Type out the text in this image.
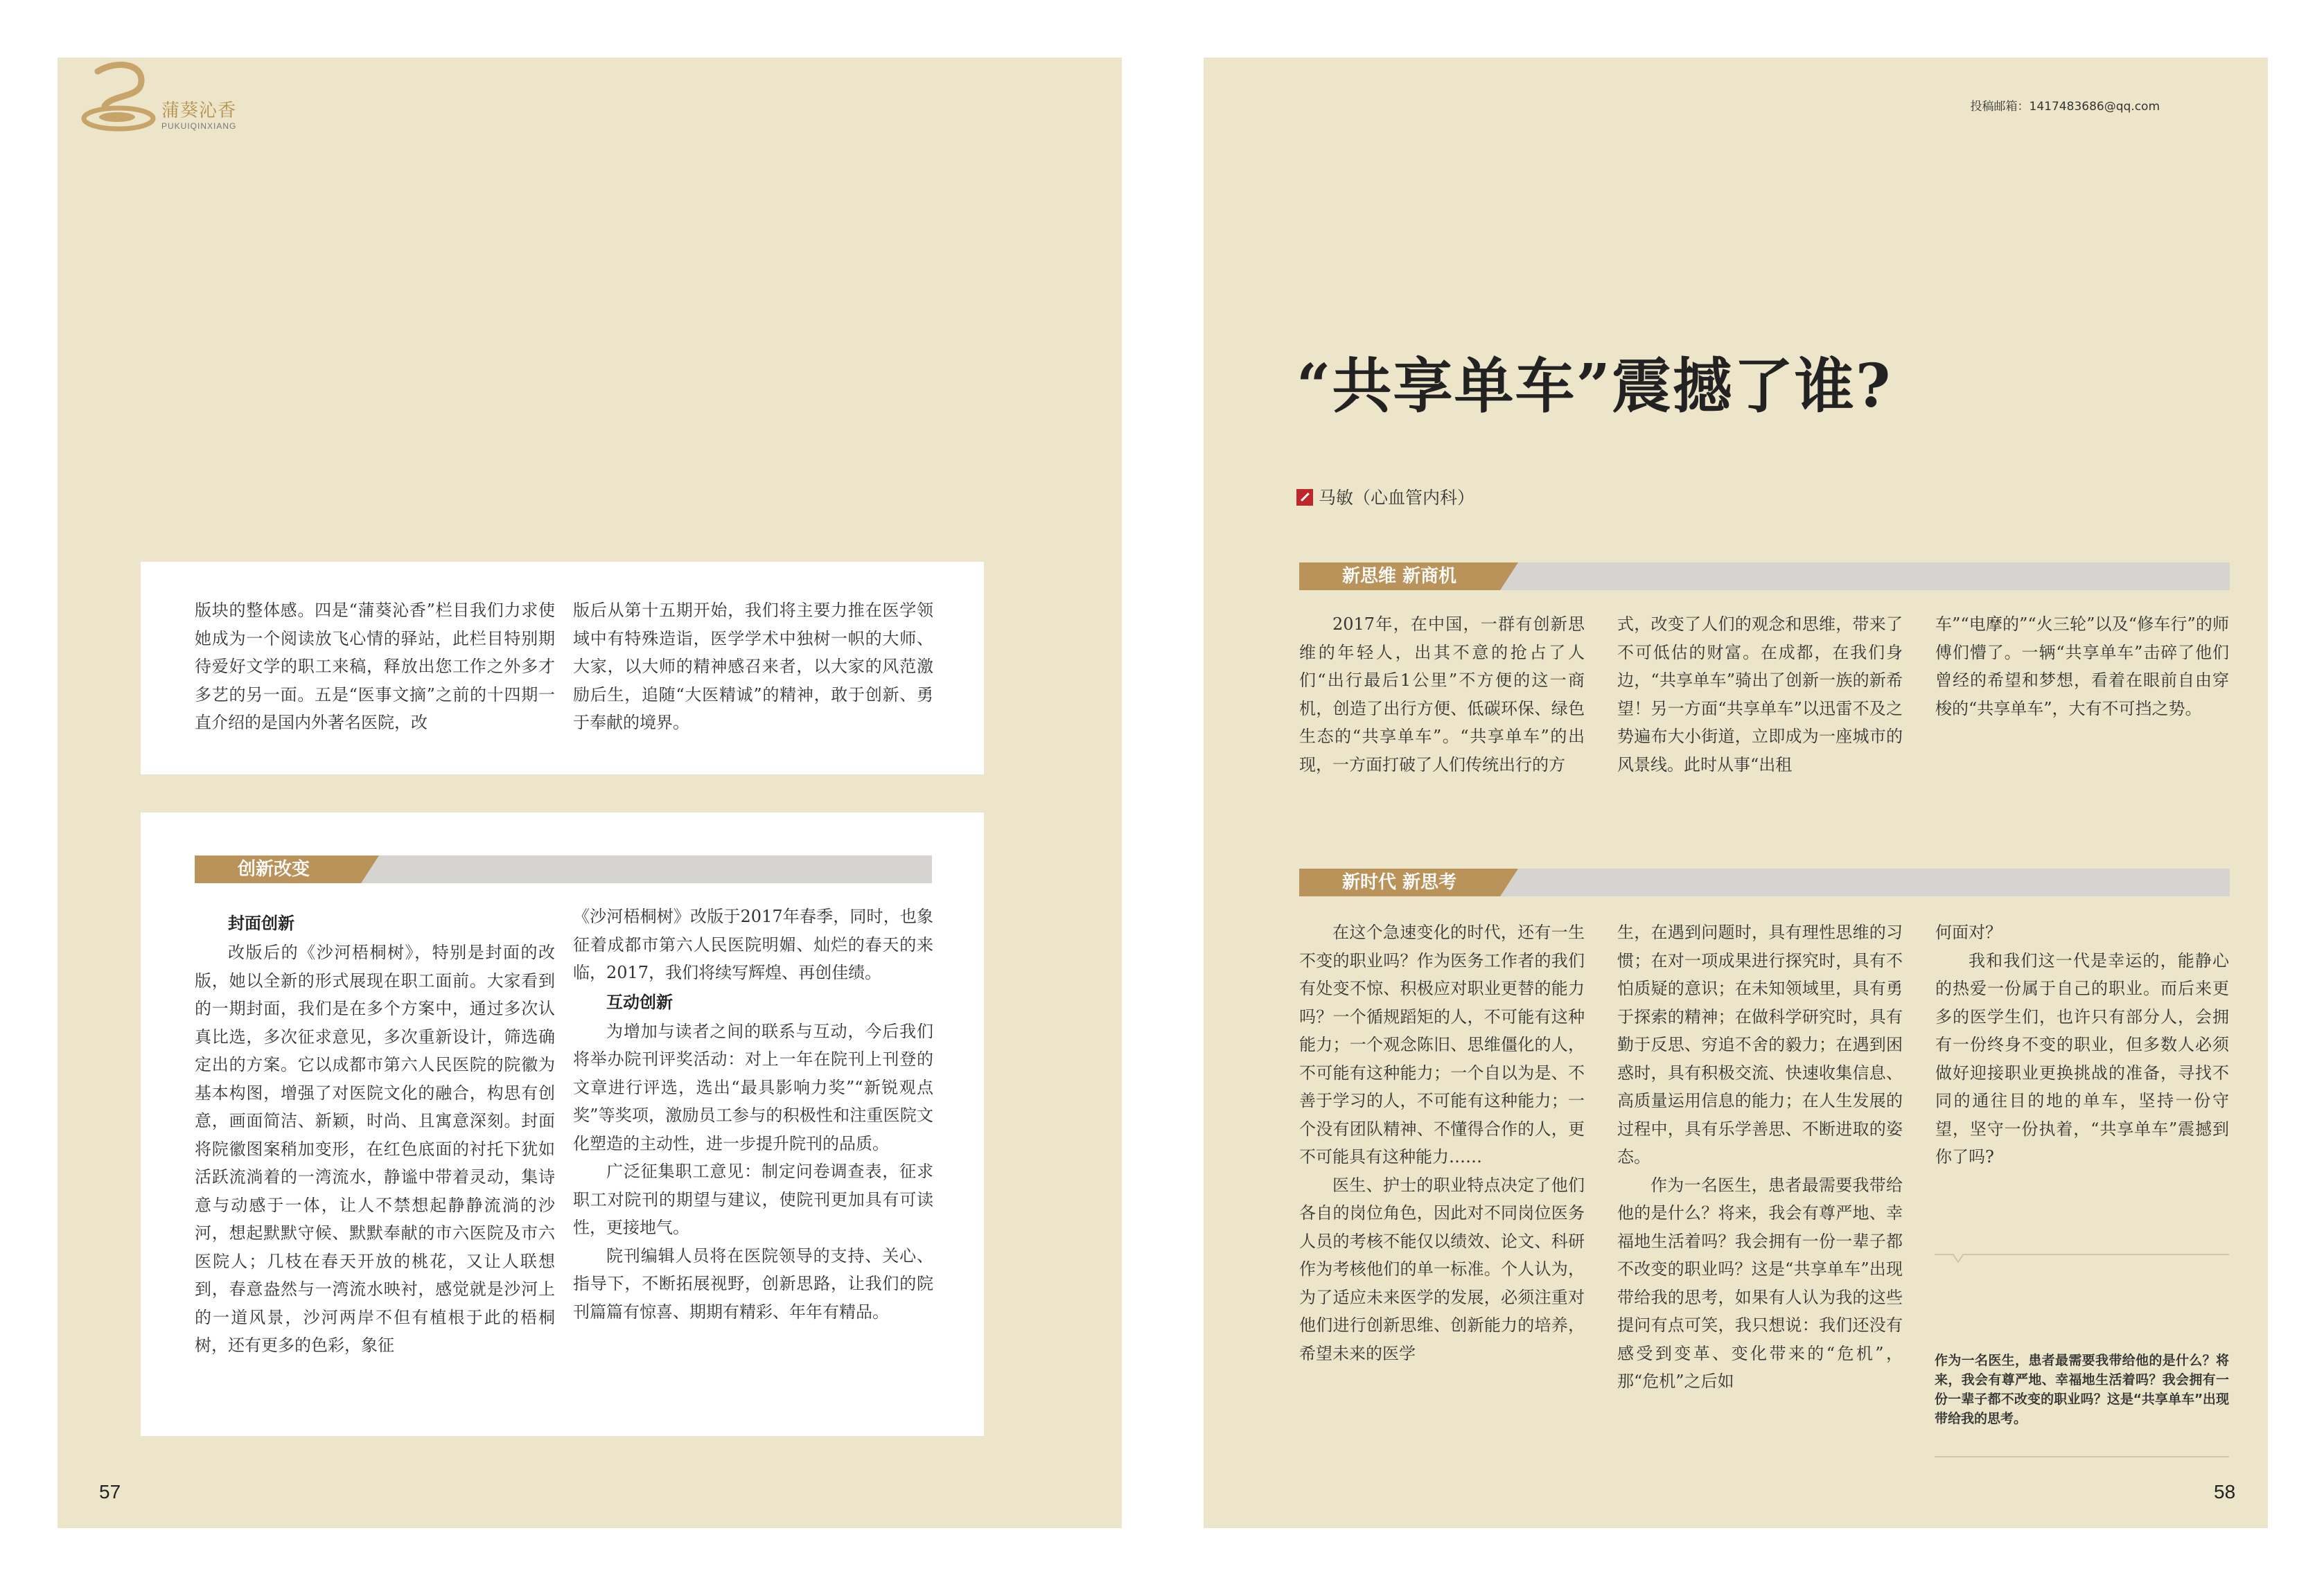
蒲葵沁香
PUKUIQINXIANG

版块的整体感。四是“蒲葵沁香”栏目我们力求使她成为一个阅读放飞心情的驿站，此栏目特别期待爱好文学的职工来稿，释放出您工作之外多才多艺的另一面。五是“医事文摘”之前的十四期一直介绍的是国内外著名医院，改

版后从第十五期开始，我们将主要力推在医学领域中有特殊造诣，医学学术中独树一帜的大师、大家，以大师的精神感召来者，以大家的风范激励后生，追随“大医精诚”的精神，敢于创新、勇于奉献的境界。

创新改变
封面创新

改版后的《沙河梧桐树》，特别是封面的改版，她以全新的形式展现在职工面前。大家看到的一期封面，我们是在多个方案中，通过多次认真比选，多次征求意见，多次重新设计，筛选确定出的方案。它以成都市第六人民医院的院徽为基本构图，增强了对医院文化的融合，构思有创意，画面简洁、新颖，时尚、且寓意深刻。封面将院徽图案稍加变形，在红色底面的衬托下犹如活跃流淌着的一湾流水，静谧中带着灵动，集诗意与动感于一体，让人不禁想起静静流淌的沙河，想起默默守候、默默奉献的市六医院及市六医院人；几枝在春天开放的桃花，又让人联想到，春意盎然与一湾流水映衬，感觉就是沙河上的一道风景，沙河两岸不但有植根于此的梧桐树，还有更多的色彩，象征

《沙河梧桐树》改版于2017年春季，同时，也象征着成都市第六人民医院明媚、灿烂的春天的来临，2017，我们将续写辉煌、再创佳绩。

互动创新

为增加与读者之间的联系与互动，今后我们将举办院刊评奖活动：对上一年在院刊上刊登的文章进行评选，选出“最具影响力奖”“新锐观点奖”等奖项，激励员工参与的积极性和注重医院文化塑造的主动性，进一步提升院刊的品质。

广泛征集职工意见：制定问卷调查表，征求职工对院刊的期望与建议，使院刊更加具有可读性，更接地气。

院刊编辑人员将在医院领导的支持、关心、指导下，不断拓展视野，创新思路，让我们的院刊篇篇有惊喜、期期有精彩、年年有精品。

57
投稿邮箱：1417483686@qq.com
“共享单车”震撼了谁?
马敏（心血管内科）
新思维 新商机

2017年，在中国，一群有创新思维的年轻人，出其不意的抢占了人们“出行最后1公里”不方便的这一商机，创造了出行方便、低碳环保、绿色生态的“共享单车”。“共享单车”的出现，一方面打破了人们传统出行的方

式，改变了人们的观念和思维，带来了不可低估的财富。在成都，在我们身边，“共享单车”骑出了创新一族的新希望！另一方面“共享单车”以迅雷不及之势遍布大小街道，立即成为一座城市的风景线。此时从事“出租

车”“电摩的”“火三轮”以及“修车行”的师傅们懵了。一辆“共享单车”击碎了他们曾经的希望和梦想，看着在眼前自由穿梭的“共享单车”，大有不可挡之势。

新时代 新思考

在这个急速变化的时代，还有一生不变的职业吗？作为医务工作者的我们有处变不惊、积极应对职业更替的能力吗？一个循规蹈矩的人，不可能有这种能力；一个观念陈旧、思维僵化的人，不可能有这种能力；一个自以为是、不善于学习的人，不可能有这种能力；一个没有团队精神、不懂得合作的人，更不可能具有这种能力……

医生、护士的职业特点决定了他们各自的岗位角色，因此对不同岗位医务人员的考核不能仅以绩效、论文、科研作为考核他们的单一标准。个人认为，为了适应未来医学的发展，必须注重对他们进行创新思维、创新能力的培养，希望未来的医学

生，在遇到问题时，具有理性思维的习惯；在对一项成果进行探究时，具有不怕质疑的意识；在未知领域里，具有勇于探索的精神；在做科学研究时，具有勤于反思、穷追不舍的毅力；在遇到困惑时，具有积极交流、快速收集信息、高质量运用信息的能力；在人生发展的过程中，具有乐学善思、不断进取的姿态。

作为一名医生，患者最需要我带给他的是什么？将来，我会有尊严地、幸福地生活着吗？我会拥有一份一辈子都不改变的职业吗？这是“共享单车”出现带给我的思考，如果有人认为我的这些提问有点可笑，我只想说：我们还没有感受到变革、变化带来的“危机”，那“危机”之后如

何面对？

我和我们这一代是幸运的，能静心的热爱一份属于自己的职业。而后来更多的医学生们，也许只有部分人，会拥有一份终身不变的职业，但多数人必须做好迎接职业更换挑战的准备，寻找不同的通往目的地的单车，坚持一份守望，坚守一份执着，“共享单车”震撼到你了吗?

作为一名医生，患者最需要我带给他的是什么？将来，我会有尊严地、幸福地生活着吗？我会拥有一份一辈子都不改变的职业吗？这是“共享单车”出现带给我的思考。
58
